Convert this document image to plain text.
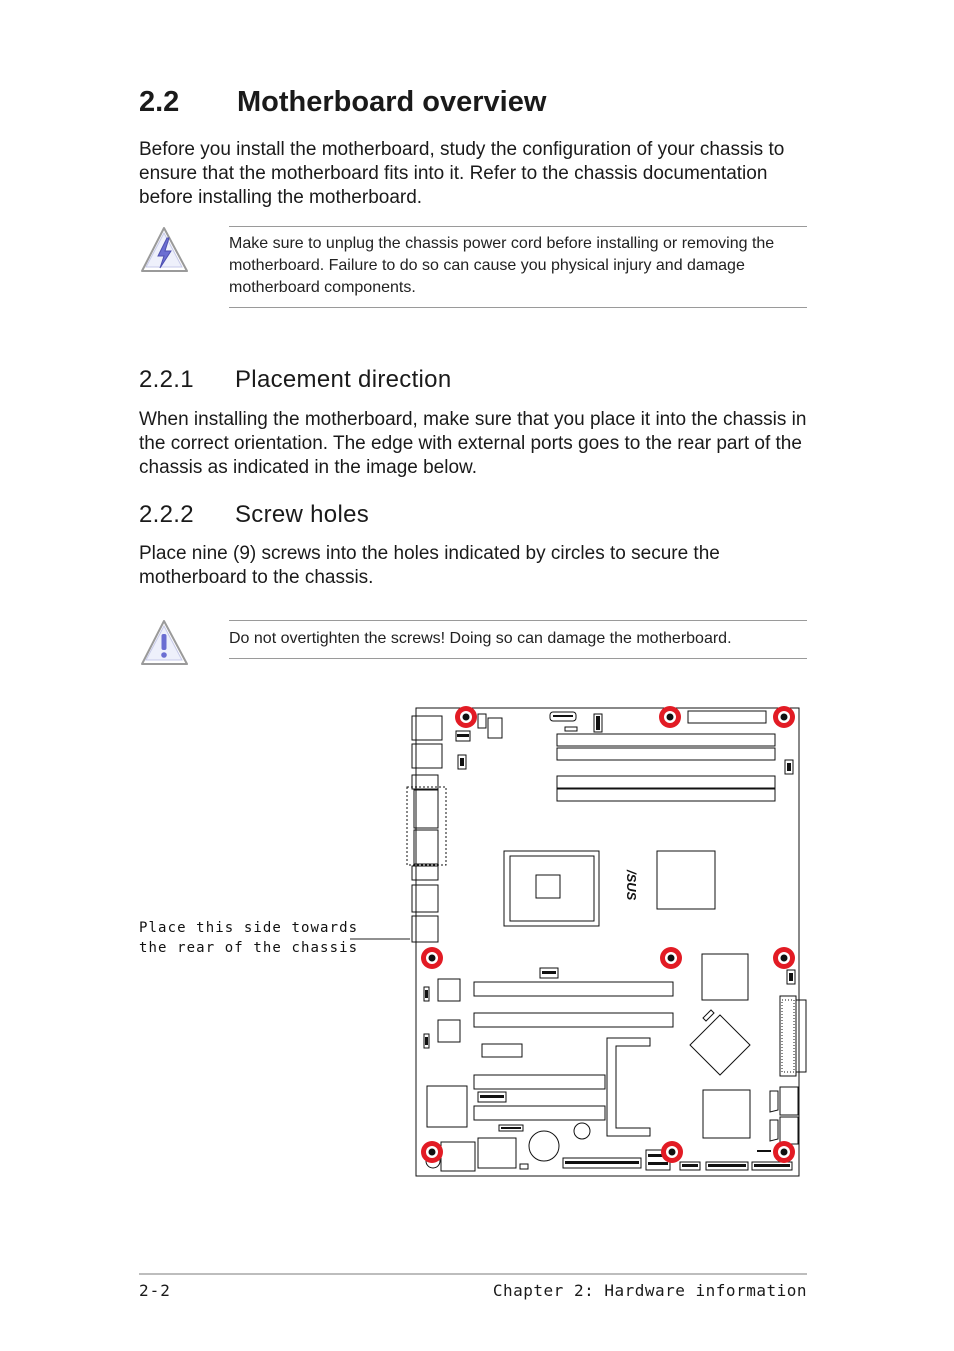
2.2 Motherboard overview

Before you install the motherboard, study the configuration of your chassis to ensure that the motherboard fits into it. Refer to the chassis documentation before installing the motherboard.

Make sure to unplug the chassis power cord before installing or removing the motherboard. Failure to do so can cause you physical injury and damage motherboard components.

2.2.1 Placement direction

When installing the motherboard, make sure that you place it into the chassis in the correct orientation. The edge with external ports goes to the rear part of the chassis as indicated in the image below.

2.2.2 Screw holes

Place nine (9) screws into the holes indicated by circles to secure the motherboard to the chassis.

Do not overtighten the screws! Doing so can damage the motherboard.

Place this side towards
the rear of the chassis
/SUS
2-2	Chapter 2: Hardware information
